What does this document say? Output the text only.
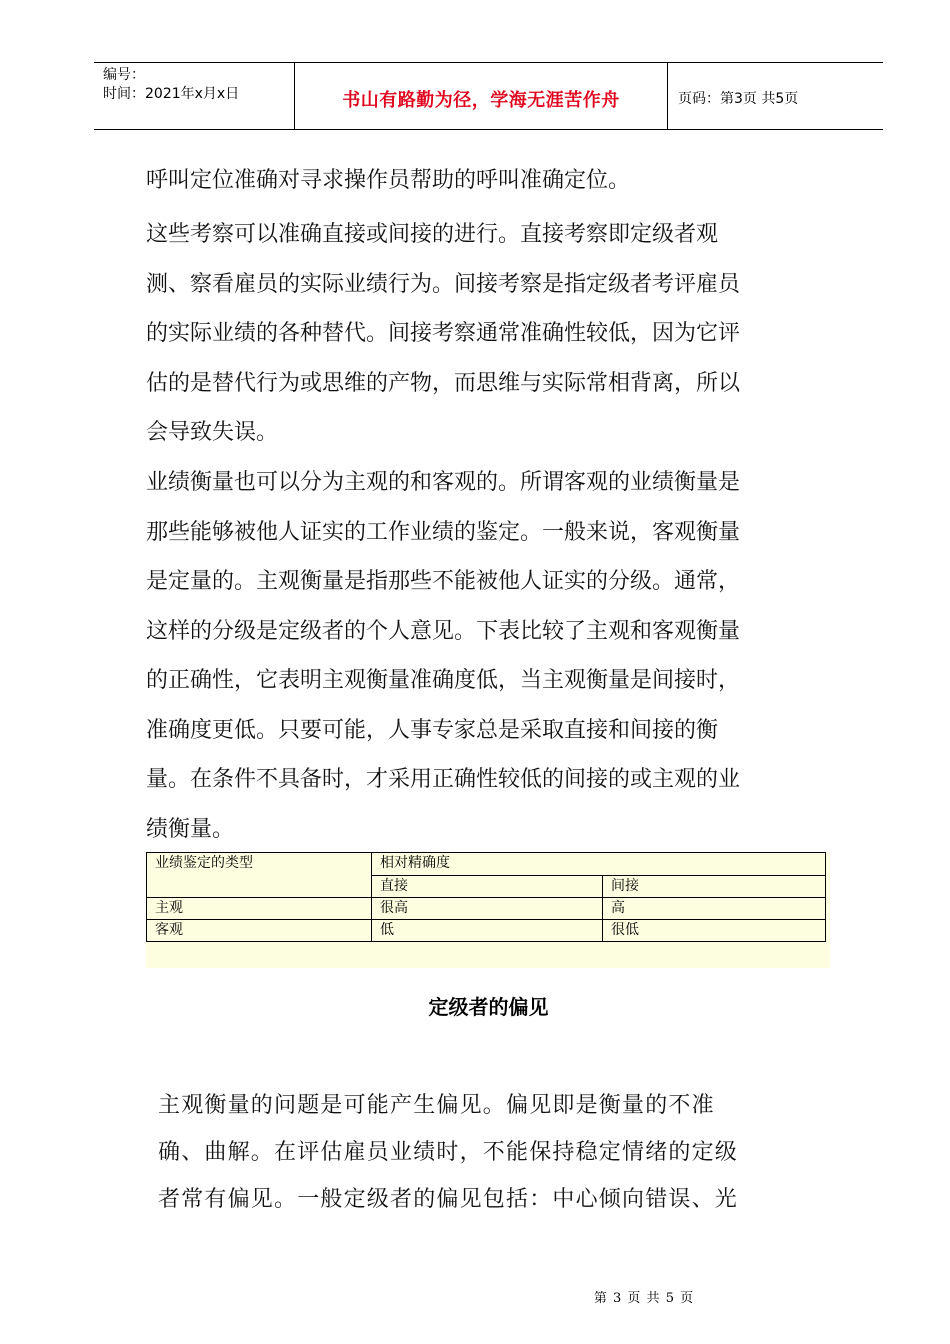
编号：
时间：2021年x月x日	书山有路勤为径，学海无涯苦作舟	页码：第3页 共5页
呼叫定位准确对寻求操作员帮助的呼叫准确定位。
这些考察可以准确直接或间接的进行。直接考察即定级者观
测、察看雇员的实际业绩行为。间接考察是指定级者考评雇员
的实际业绩的各种替代。间接考察通常准确性较低，因为它评
估的是替代行为或思维的产物，而思维与实际常相背离，所以
会导致失误。
业绩衡量也可以分为主观的和客观的。所谓客观的业绩衡量是
那些能够被他人证实的工作业绩的鉴定。一般来说，客观衡量
是定量的。主观衡量是指那些不能被他人证实的分级。通常，
这样的分级是定级者的个人意见。下表比较了主观和客观衡量
的正确性，它表明主观衡量准确度低，当主观衡量是间接时，
准确度更低。只要可能，人事专家总是采取直接和间接的衡
量。在条件不具备时，才采用正确性较低的间接的或主观的业
绩衡量。
业绩鉴定的类型	相对精确度	
	直接	间接
主观	很高	高
客观	低	很低
定级者的偏见
主观衡量的问题是可能产生偏见。偏见即是衡量的不准
确、曲解。在评估雇员业绩时，不能保持稳定情绪的定级
者常有偏见。一般定级者的偏见包括：中心倾向错误、光
第 3 页 共 5 页
